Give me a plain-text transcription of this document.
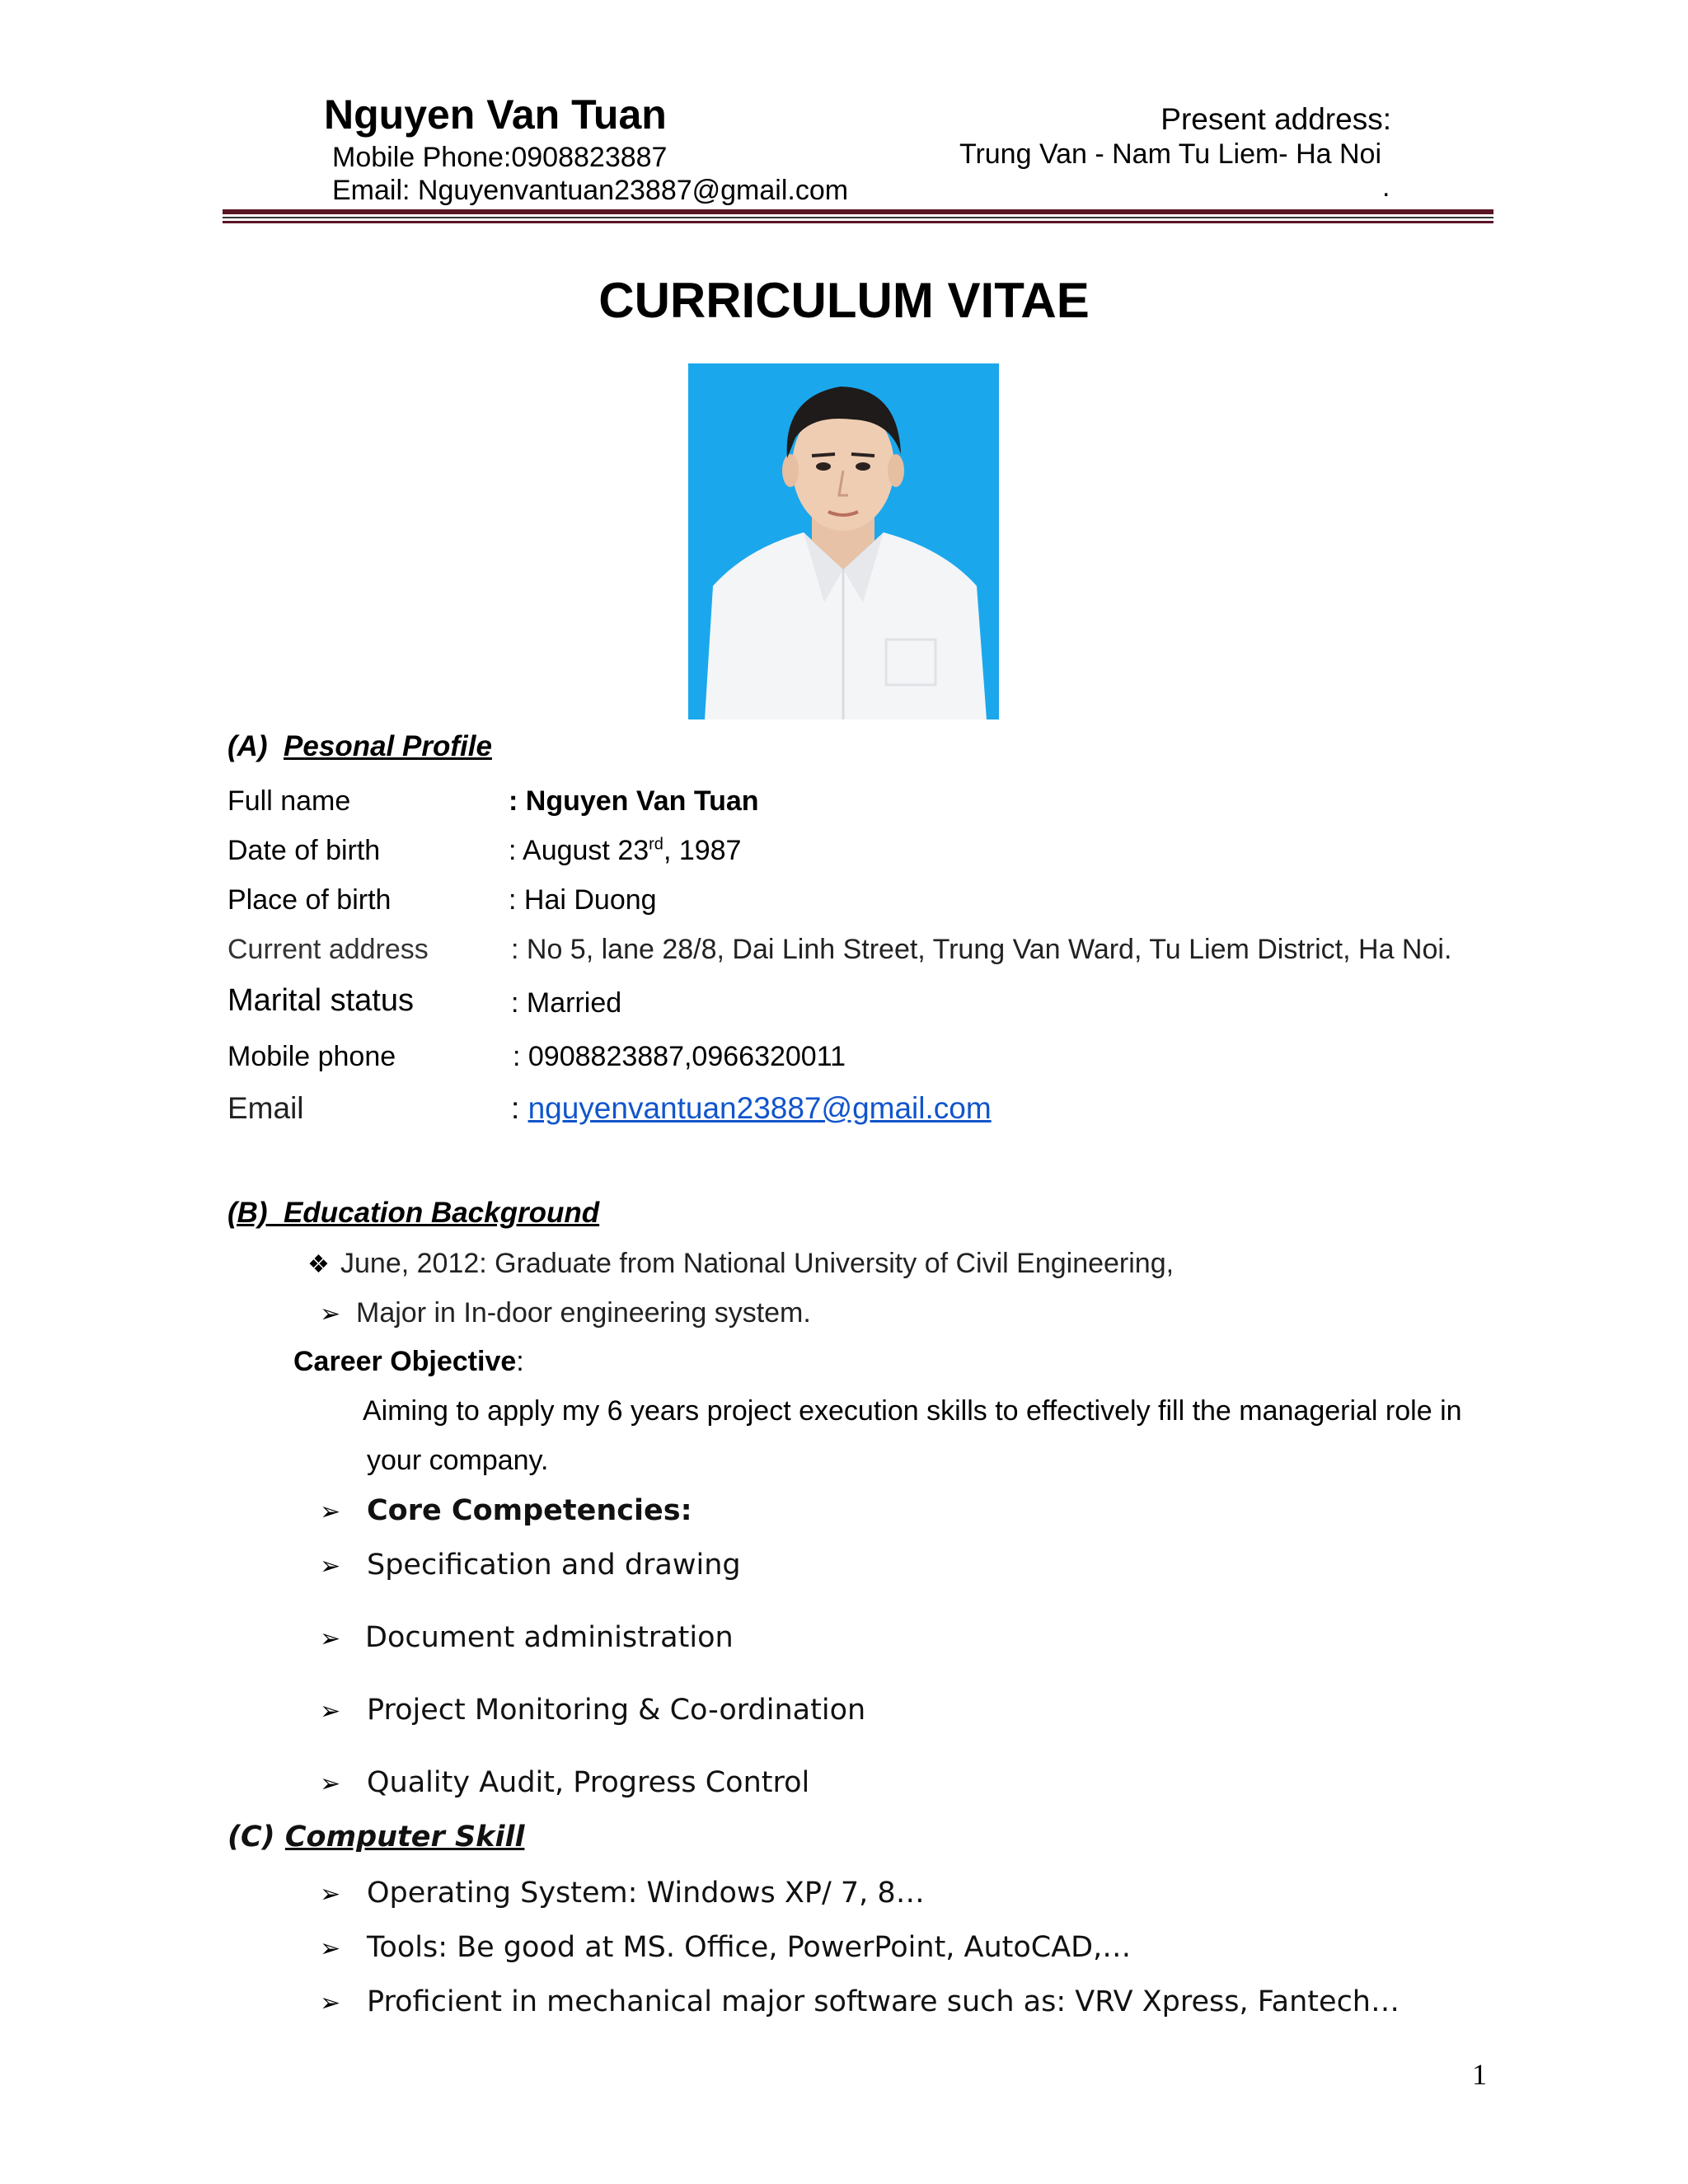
Nguyen Van Tuan
Mobile Phone:0908823887
Email: Nguyenvantuan23887@gmail.com
Present address:
Trung Van - Nam Tu Liem- Ha Noi
.
CURRICULUM VITAE
(A) Pesonal Profile
Full name	: Nguyen Van Tuan
Date of birth	: August 23rd, 1987
Place of birth	: Hai Duong
Current address	: No 5, lane 28/8, Dai Linh Street, Trung Van Ward, Tu Liem District, Ha Noi.
Marital status	: Married
Mobile phone	: 0908823887,0966320011
Email	: nguyenvantuan23887@gmail.com
(B) Education Background
❖ June, 2012: Graduate from National University of Civil Engineering,
➢ Major in In-door engineering system.
Career Objective:
Aiming to apply my 6 years project execution skills to effectively fill the managerial role in
your company.
➢ Core Competencies:
➢ Specification and drawing
➢ Document administration
➢ Project Monitoring & Co-ordination
➢ Quality Audit, Progress Control
(C) Computer Skill
➢ Operating System: Windows XP/ 7, 8…
➢ Tools: Be good at MS. Office, PowerPoint, AutoCAD,…
➢ Proficient in mechanical major software such as: VRV Xpress, Fantech…
1
